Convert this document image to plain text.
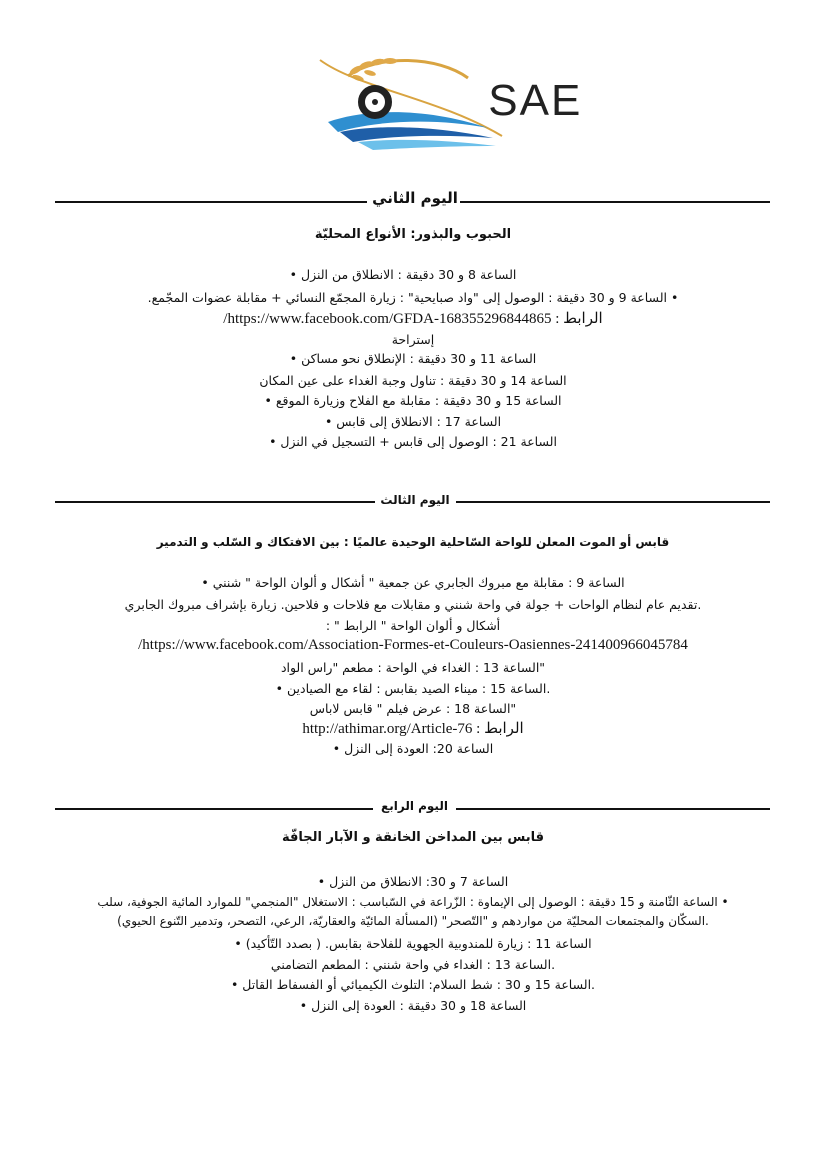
SAE
اليوم الثاني
الحبوب والبذور: الأنواع المحليّة
الساعة 8 و 30 دقيقة : الانطلاق من النزل •
• الساعة 9 و 30 دقيقة : الوصول إلى "واد صبايحية" : زيارة المجمّع النسائي + مقابلة عضوات المجّمع.
الرابط : https://www.facebook.com/GFDA-168355296844865/
إستراحة
الساعة 11 و 30 دقيقة : الإنطلاق نحو مساكن •
الساعة 14 و 30 دقيقة : تناول وجبة الغداء على عين المكان
الساعة 15 و 30 دقيقة : مقابلة مع الفلاح وزيارة الموقع •
الساعة 17 : الانطلاق إلى قابس •
الساعة 21 : الوصول إلى قابس + التسجيل في النزل •
اليوم الثالث
قابس أو الموت المعلن للواحة السّاحلية الوحيدة عالميًا : بين الافتكاك و السّلب و التدمير
الساعة 9 : مقابلة مع مبروك الجابري عن جمعية " أشكال و ألوان الواحة " شنني •
.تقديم عام لنظام الواحات + جولة في واحة شنني و مقابلات مع فلاحات و فلاحين. زيارة بإشراف مبروك الجابري
أشكال و ألوان الواحة " الرابط " :
https://www.facebook.com/Association-Formes-et-Couleurs-Oasiennes-241400966045784/
"الساعة 13 : الغداء في الواحة : مطعم "راس الواد
.الساعة 15 : ميناء الصيد بقابس : لقاء مع الصيادين •
"الساعة 18 : عرض فيلم " قابس لاباس
الرابط : http://athimar.org/Article-76
الساعة 20: العودة إلى النزل •
اليوم الرابع
قابس بين المداخن الخانقة و الآبار الجافّة
الساعة 7 و 30: الانطلاق من النزل •
• الساعة الثّامنة و 15 دقيقة : الوصول إلى الإيماوة : الزّراعة في السّباسب : الاستغلال "المنجمي" للموارد المائية الجوفية، سلب
.السكّان والمجتمعات المحليّة من مواردهم و "التّصحر" (المسألة المائيّة والعقاريّة، الرعي، التصحر، وتدمير التّنوع الحيوي)
الساعة 11 : زيارة للمندوبية الجهوية للفلاحة بقابس. ( بصدد التّأكيد) •
.الساعة 13 : الغداء في واحة شنني : المطعم التضامني
.الساعة 15 و 30 : شط السلام: التلوث الكيميائي أو الفسفاط القاتل •
الساعة 18 و 30 دقيقة : العودة إلى النزل •
